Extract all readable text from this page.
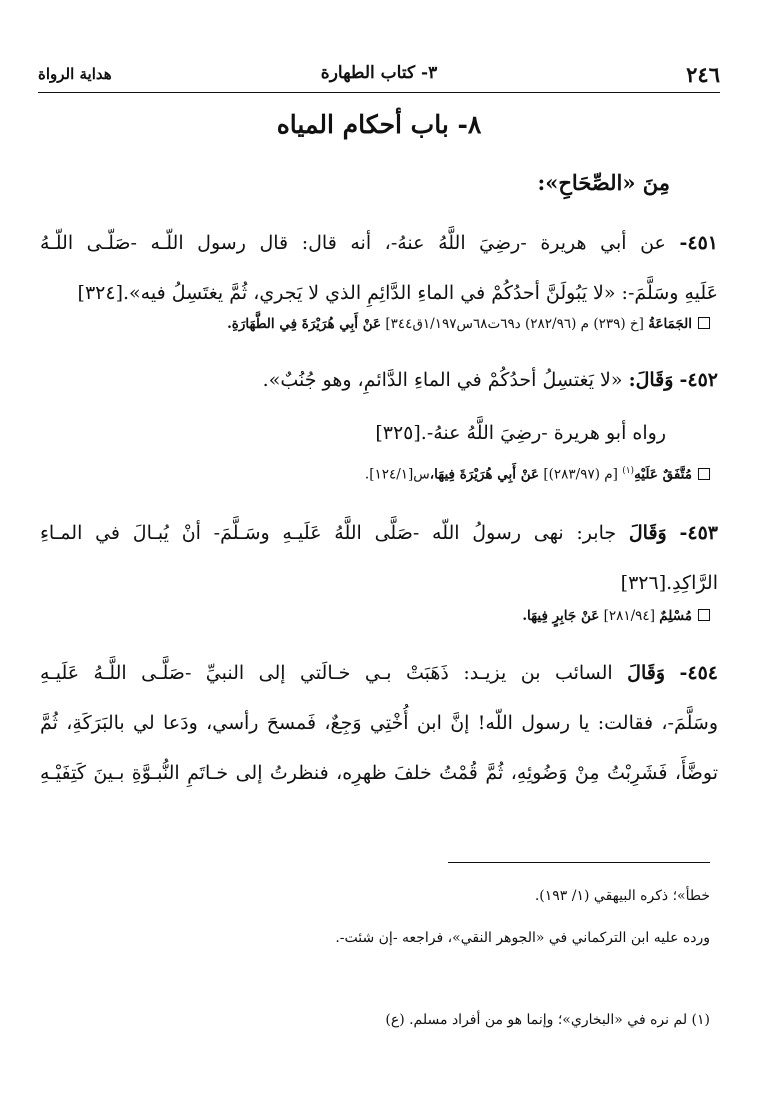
٢٤٦
٣- كتاب الطهارة
هداية الرواة
٨- باب أحكام المياه
مِنَ «الصِّحَاحِ»:
٤٥١- عن أبي هريرة -رضِيَ اللَّهُ عنهُ-، أنه قال: قال رسول اللّـه -صَلّـى اللّـهُ
عَلَيهِ وسَلَّمَ-: «لا يَبُولَنَّ أحدُكُمْ في الماءِ الدَّائِمِ الذي لا يَجري، ثُمَّ يغتَسِلُ فيه».[٣٢٤]
الجَمَاعَةُ [خ (٢٣٩) م (٢٨٢/٩٦) د٦٩ت٦٨س١/١٩٧ق٣٤٤] عَنْ أَبِي هُرَيْرَةَ فِي الطَّهَارَةِ.
٤٥٢- وَقَالَ: «لا يَغتسِلُ أحدُكُمْ في الماءِ الدَّائمِ، وهو جُنُبٌ».
رواه أبو هريرة -رضِيَ اللَّهُ عنهُ-.[٣٢٥]
مُتَّفَقٌ عَلَيْهِ$^{(١)}$ [م (٢٨٣/٩٧)] عَنْ أَبِي هُرَيْرَةَ فِيهَا،س[١٢٤/١].
٤٥٣- وَقَالَ جابر: نهى رسولُ اللّه -صَلَّى اللَّهُ عَلَيـهِ وسَـلَّمَ- أنْ يُبـالَ في المـاءِ
الرَّاكِدِ.[٣٢٦]
مُسْلِمٌ [٢٨١/٩٤] عَنْ جَابِرٍ فِيهَا.
٤٥٤- وَقَالَ السائب بن يزيـد: ذَهَبَتْ بـي خـالَتي إلى النبيِّ -صَلَّـى اللَّـهُ عَلَيـهِ
وسَلَّمَ-، فقالت: يا رسول اللّه! إنَّ ابن أُخْتِي وَجِعٌ، فَمسحَ رأسي، ودَعا لي بالبَرَكَةِ، ثُمَّ
توضَّأَ، فَشَرِبْتُ مِنْ وَضُوئِهِ، ثُمَّ قُمْتُ خلفَ ظهرِه، فنظرتُ إلى خـاتَمِ النُّبـوَّةِ بـينَ كَتِفَيْـهِ
خطأ»؛ ذكره البيهقي (١/ ١٩٣).
ورده عليه ابن التركماني في «الجوهر النقي»، فراجعه -إن شئت-.
(١) لم نره في «البخاري»؛ وإنما هو من أفراد مسلم. (ع)
